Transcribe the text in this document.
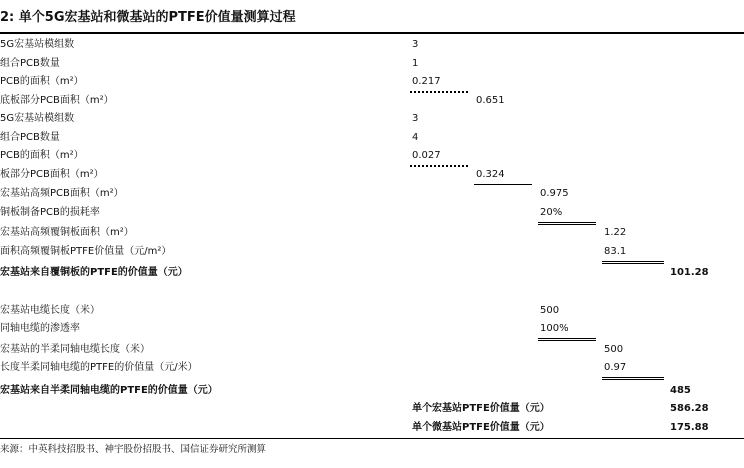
2: 单个5G宏基站和微基站的PTFE价值量测算过程
5G宏基站模组数	3
组合PCB数量	1
PCB的面积（m²）	0.217
底板部分PCB面积（m²）	0.651
5G宏基站模组数	3
组合PCB数量	4
PCB的面积（m²）	0.027
板部分PCB面积（m²）	0.324
宏基站高频PCB面积（m²）	0.975
铜板制备PCB的损耗率	20%
宏基站高频覆铜板面积（m²）	1.22
面积高频覆铜板PTFE价值量（元/m²）	83.1
宏基站来自覆铜板的PTFE的价值量（元）	101.28
宏基站电缆长度（米）	500
同轴电缆的渗透率	100%
宏基站的半柔同轴电缆长度（米）	500
长度半柔同轴电缆的PTFE的价值量（元/米）	0.97
宏基站来自半柔同轴电缆的PTFE的价值量（元）	485
单个宏基站PTFE价值量（元）	586.28
单个微基站PTFE价值量（元）	175.88
来源：中英科技招股书、神宇股份招股书、国信证券研究所测算
